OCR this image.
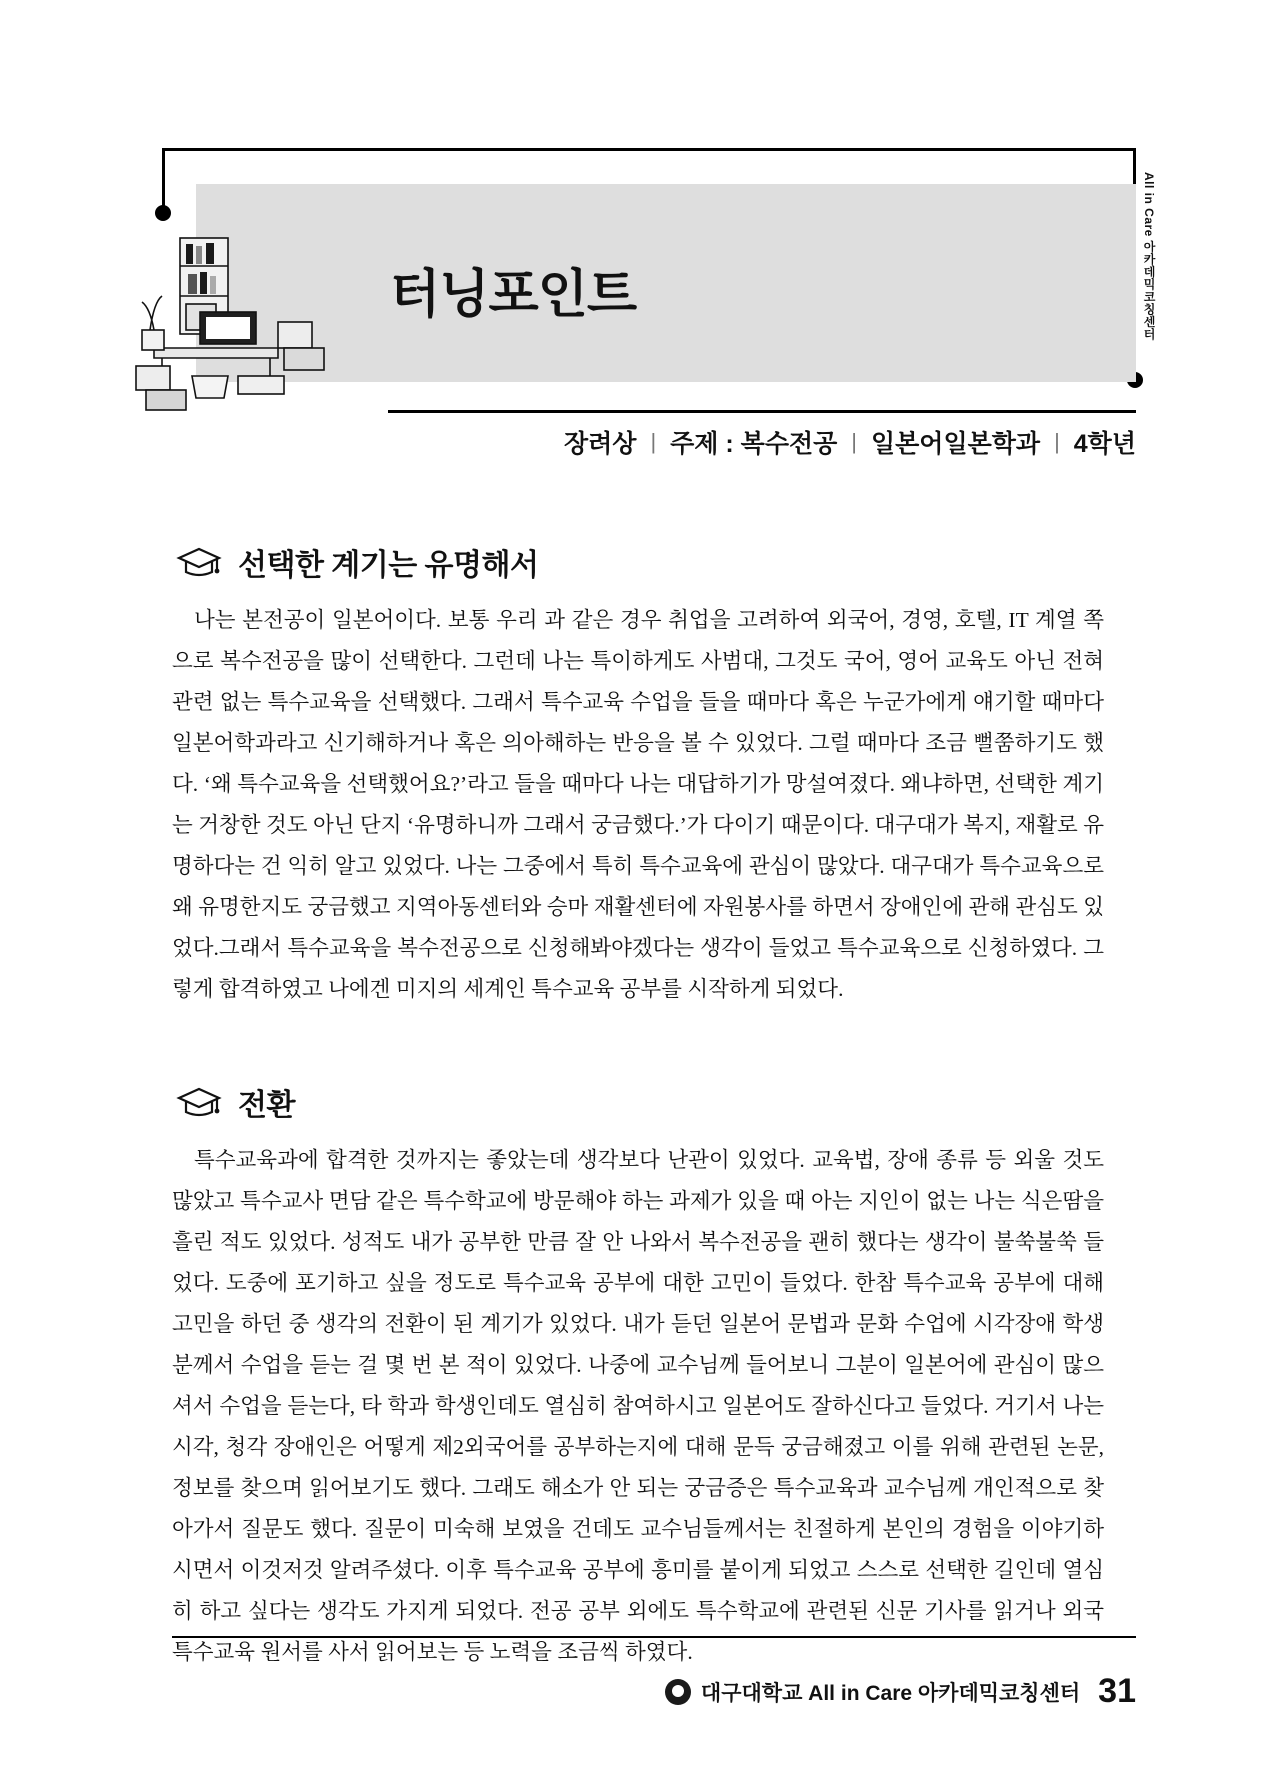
All in Care 아카데믹코칭센터
터닝포인트
장려상 | 주제 : 복수전공 | 일본어일본학과 | 4학년
선택한 계기는 유명해서
나는 본전공이 일본어이다. 보통 우리 과 같은 경우 취업을 고려하여 외국어, 경영, 호텔, IT 계열 쪽으로 복수전공을 많이 선택한다. 그런데 나는 특이하게도 사범대, 그것도 국어, 영어 교육도 아닌 전혀 관련 없는 특수교육을 선택했다. 그래서 특수교육 수업을 들을 때마다 혹은 누군가에게 얘기할 때마다 일본어학과라고 신기해하거나 혹은 의아해하는 반응을 볼 수 있었다. 그럴 때마다 조금 뻘쭘하기도 했다. ‘왜 특수교육을 선택했어요?’라고 들을 때마다 나는 대답하기가 망설여졌다. 왜냐하면, 선택한 계기는 거창한 것도 아닌 단지 ‘유명하니까 그래서 궁금했다.’가 다이기 때문이다. 대구대가 복지, 재활로 유명하다는 건 익히 알고 있었다. 나는 그중에서 특히 특수교육에 관심이 많았다. 대구대가 특수교육으로 왜 유명한지도 궁금했고 지역아동센터와 승마 재활센터에 자원봉사를 하면서 장애인에 관해 관심도 있었다.그래서 특수교육을 복수전공으로 신청해봐야겠다는 생각이 들었고 특수교육으로 신청하였다. 그렇게 합격하였고 나에겐 미지의 세계인 특수교육 공부를 시작하게 되었다.
전환
특수교육과에 합격한 것까지는 좋았는데 생각보다 난관이 있었다. 교육법, 장애 종류 등 외울 것도 많았고 특수교사 면담 같은 특수학교에 방문해야 하는 과제가 있을 때 아는 지인이 없는 나는 식은땀을 흘린 적도 있었다. 성적도 내가 공부한 만큼 잘 안 나와서 복수전공을 괜히 했다는 생각이 불쑥불쑥 들었다. 도중에 포기하고 싶을 정도로 특수교육 공부에 대한 고민이 들었다. 한참 특수교육 공부에 대해 고민을 하던 중 생각의 전환이 된 계기가 있었다. 내가 듣던 일본어 문법과 문화 수업에 시각장애 학생분께서 수업을 듣는 걸 몇 번 본 적이 있었다. 나중에 교수님께 들어보니 그분이 일본어에 관심이 많으셔서 수업을 듣는다, 타 학과 학생인데도 열심히 참여하시고 일본어도 잘하신다고 들었다. 거기서 나는 시각, 청각 장애인은 어떻게 제2외국어를 공부하는지에 대해 문득 궁금해졌고 이를 위해 관련된 논문, 정보를 찾으며 읽어보기도 했다. 그래도 해소가 안 되는 궁금증은 특수교육과 교수님께 개인적으로 찾아가서 질문도 했다. 질문이 미숙해 보였을 건데도 교수님들께서는 친절하게 본인의 경험을 이야기하시면서 이것저것 알려주셨다. 이후 특수교육 공부에 흥미를 붙이게 되었고 스스로 선택한 길인데 열심히 하고 싶다는 생각도 가지게 되었다. 전공 공부 외에도 특수학교에 관련된 신문 기사를 읽거나 외국 특수교육 원서를 사서 읽어보는 등 노력을 조금씩 하였다.
대구대학교 All in Care 아카데믹코칭센터 31
